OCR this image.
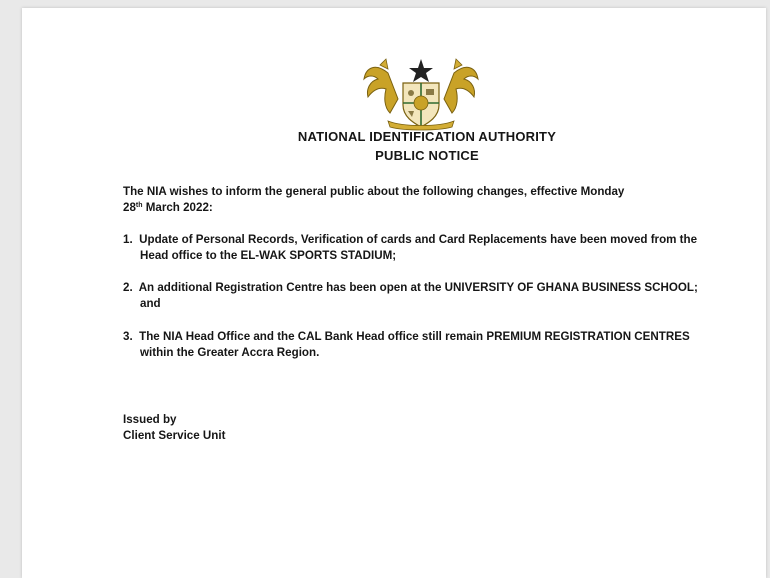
NATIONAL IDENTIFICATION AUTHORITY
PUBLIC NOTICE
The NIA wishes to inform the general public about the following changes, effective Monday
28th March 2022:
1. Update of Personal Records, Verification of cards and Card Replacements have been moved from the Head office to the EL-WAK SPORTS STADIUM;
2. An additional Registration Centre has been open at the UNIVERSITY OF GHANA BUSINESS SCHOOL; and
3. The NIA Head Office and the CAL Bank Head office still remain PREMIUM REGISTRATION CENTRES within the Greater Accra Region.
Issued by
Client Service Unit
